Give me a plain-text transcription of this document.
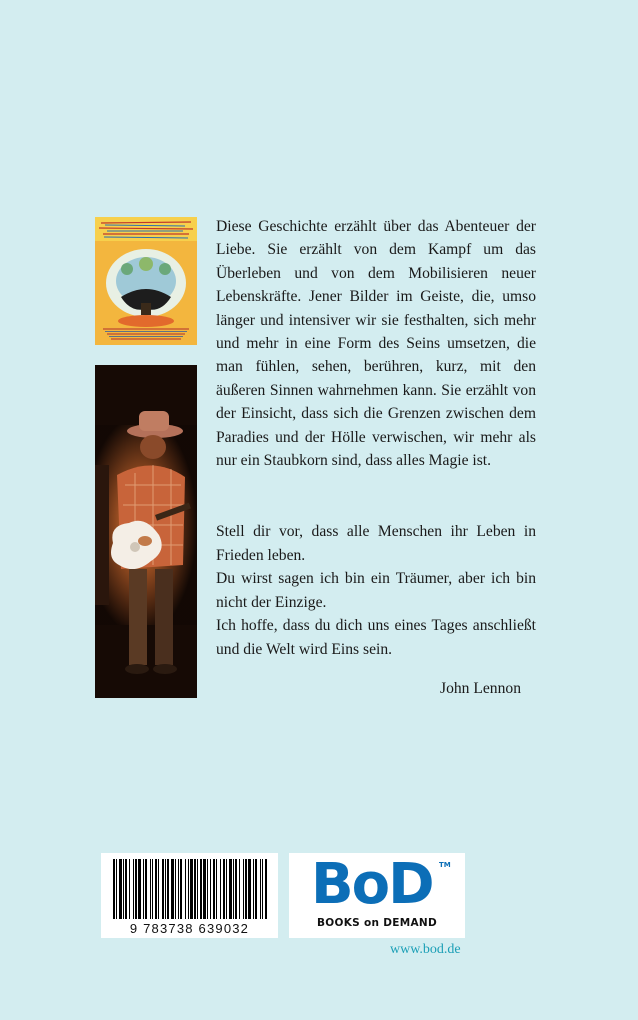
Diese Geschichte erzählt über das Abenteuer der Liebe. Sie erzählt von dem Kampf um das Überleben und von dem Mobilisieren neuer Lebenskräfte. Jener Bilder im Geiste, die, umso länger und intensiver wir sie festhalten, sich mehr und mehr in eine Form des Seins umsetzen, die man fühlen, sehen, berühren, kurz, mit den äußeren Sinnen wahrnehmen kann. Sie erzählt von der Einsicht, dass sich die Grenzen zwischen dem Paradies und der Hölle verwischen, wir mehr als nur ein Staubkorn sind, dass alles Magie ist.

Stell dir vor, dass alle Menschen ihr Leben in Frieden leben.

Du wirst sagen ich bin ein Träumer, aber ich bin nicht der Einzige.

Ich hoffe, dass du dich uns eines Tages anschließt und die Welt wird Eins sein.

John Lennon
9 783738 639032
BoD TM
BOOKS on DEMAND
www.bod.de
